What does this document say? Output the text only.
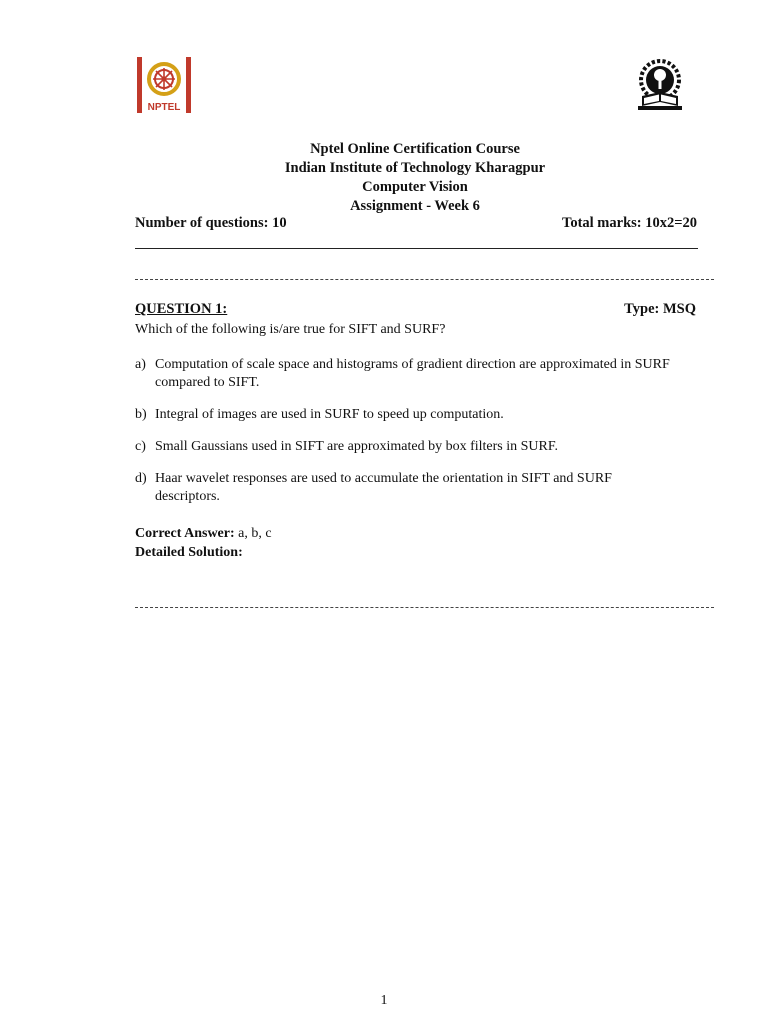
NPTEL
Nptel Online Certification Course
Indian Institute of Technology Kharagpur
Computer Vision
Assignment - Week 6
Number of questions: 10	Total marks: 10x2=20
QUESTION 1:	Type: MSQ
Which of the following is/are true for SIFT and SURF?
a) Computation of scale space and histograms of gradient direction are approximated in SURF compared to SIFT.
b) Integral of images are used in SURF to speed up computation.
c) Small Gaussians used in SIFT are approximated by box filters in SURF.
d) Haar wavelet responses are used to accumulate the orientation in SIFT and SURF descriptors.
Correct Answer: a, b, c
Detailed Solution:
1
